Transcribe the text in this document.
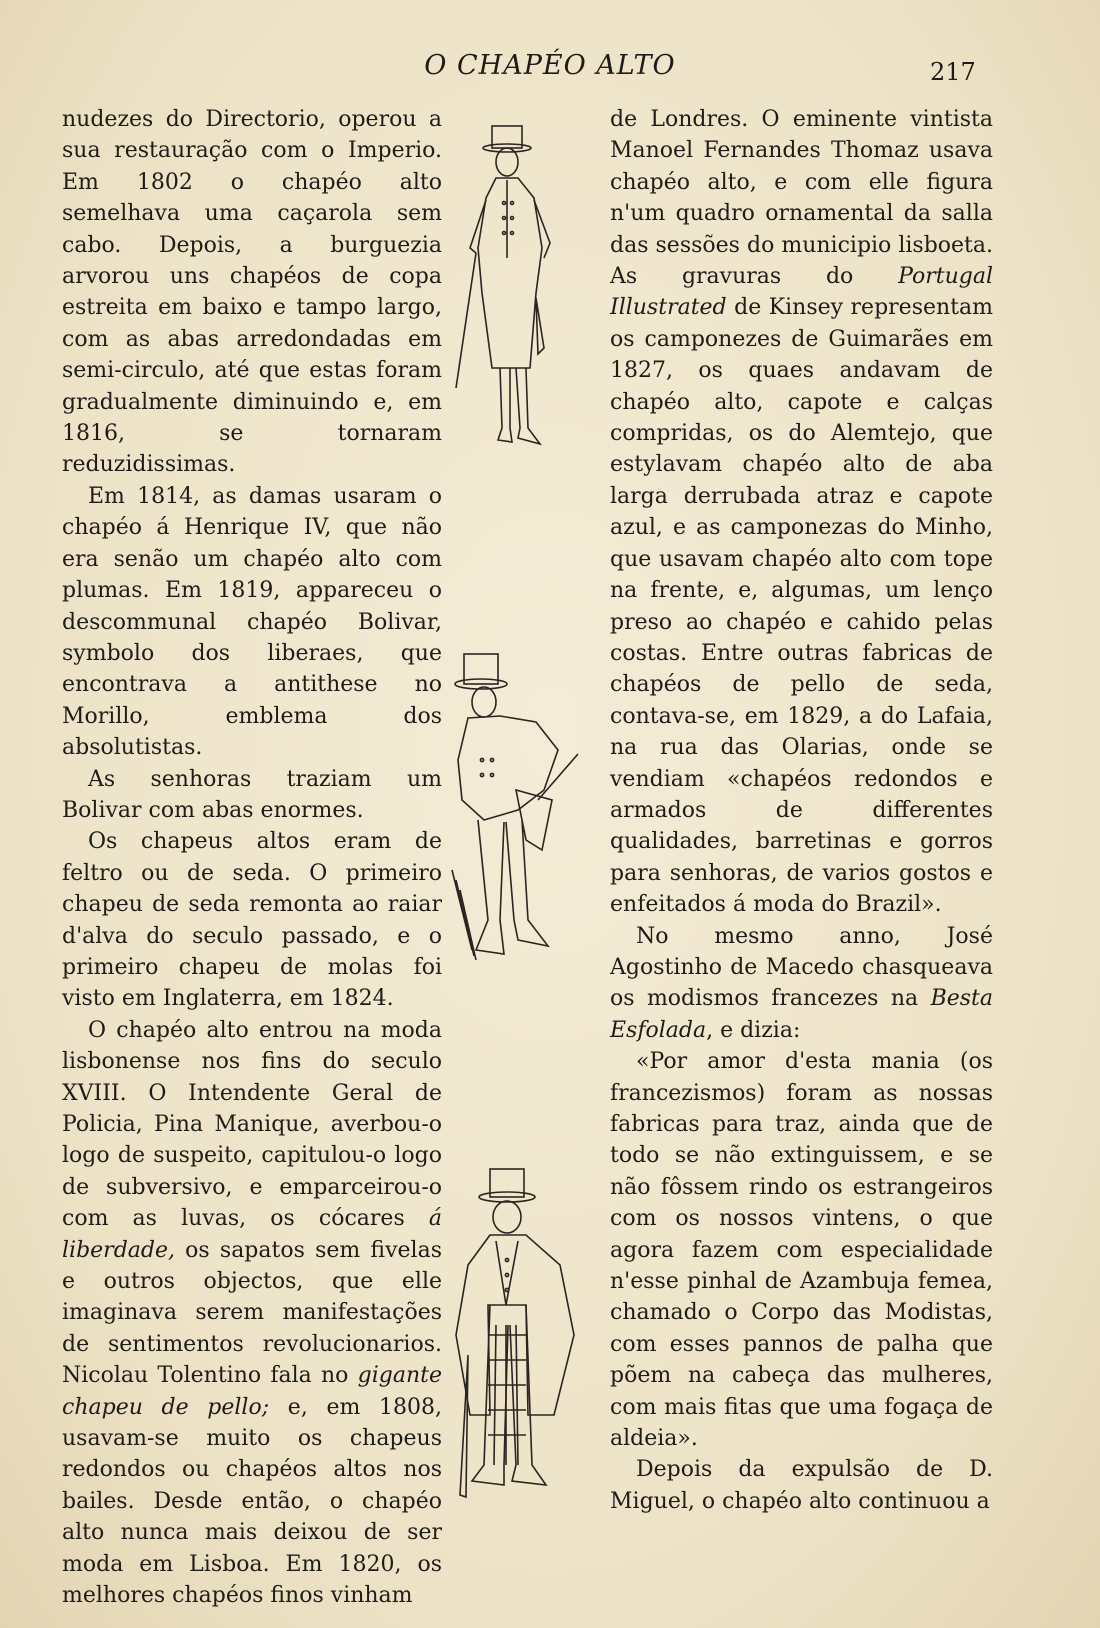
O CHAPÉO ALTO	217

nudezes do Directorio, operou a sua restauração com o Imperio. Em 1802 o chapéo alto semelhava uma caçarola sem cabo. Depois, a burguezia arvorou uns chapéos de copa estreita em baixo e tampo largo, com as abas arredondadas em semi-circulo, até que estas foram gradualmente diminuindo e, em 1816, se tornaram reduzidissimas.

Em 1814, as damas usaram o chapéo á Henrique IV, que não era senão um chapéo alto com plumas. Em 1819, appareceu o descommunal chapéo Bolivar, symbolo dos liberaes, que encontrava a antithese no Morillo, emblema dos absolutistas.

As senhoras traziam um Bolivar com abas enormes.

Os chapeus altos eram de feltro ou de seda. O primeiro chapeu de seda remonta ao raiar d'alva do seculo passado, e o primeiro chapeu de molas foi visto em Inglaterra, em 1824.

O chapéo alto entrou na moda lisbonense nos fins do seculo XVIII. O Intendente Geral de Policia, Pina Manique, averbou-o logo de suspeito, capitulou-o logo de subversivo, e emparceirou-o com as luvas, os cócares á liberdade, os sapatos sem fivelas e outros objectos, que elle imaginava serem manifestações de sentimentos revolucionarios. Nicolau Tolentino fala no gigante chapeu de pello; e, em 1808, usavam-se muito os chapeus redondos ou chapéos altos nos bailes. Desde então, o chapéo alto nunca mais deixou de ser moda em Lisboa. Em 1820, os melhores chapéos finos vinham

de Londres. O eminente vintista Manoel Fernandes Thomaz usava chapéo alto, e com elle figura n'um quadro ornamental da salla das sessões do municipio lisboeta. As gravuras do Portugal Illustrated de Kinsey representam os camponezes de Guimarães em 1827, os quaes andavam de chapéo alto, capote e calças compridas, os do Alemtejo, que estylavam chapéo alto de aba larga derrubada atraz e capote azul, e as camponezas do Minho, que usavam chapéo alto com tope na frente, e, algumas, um lenço preso ao chapéo e cahido pelas costas. Entre outras fabricas de chapéos de pello de seda, contava-se, em 1829, a do Lafaia, na rua das Olarias, onde se vendiam «chapéos redondos e armados de differentes qualidades, barretinas e gorros para senhoras, de varios gostos e enfeitados á moda do Brazil».

No mesmo anno, José Agostinho de Macedo chasqueava os modismos francezes na Besta Esfolada, e dizia:

«Por amor d'esta mania (os francezismos) foram as nossas fabricas para traz, ainda que de todo se não extinguissem, e se não fôssem rindo os estrangeiros com os nossos vintens, o que agora fazem com especialidade n'esse pinhal de Azambuja femea, chamado o Corpo das Modistas, com esses pannos de palha que põem na cabeça das mulheres, com mais fitas que uma fogaça de aldeia».

Depois da expulsão de D. Miguel, o chapéo alto continuou a
